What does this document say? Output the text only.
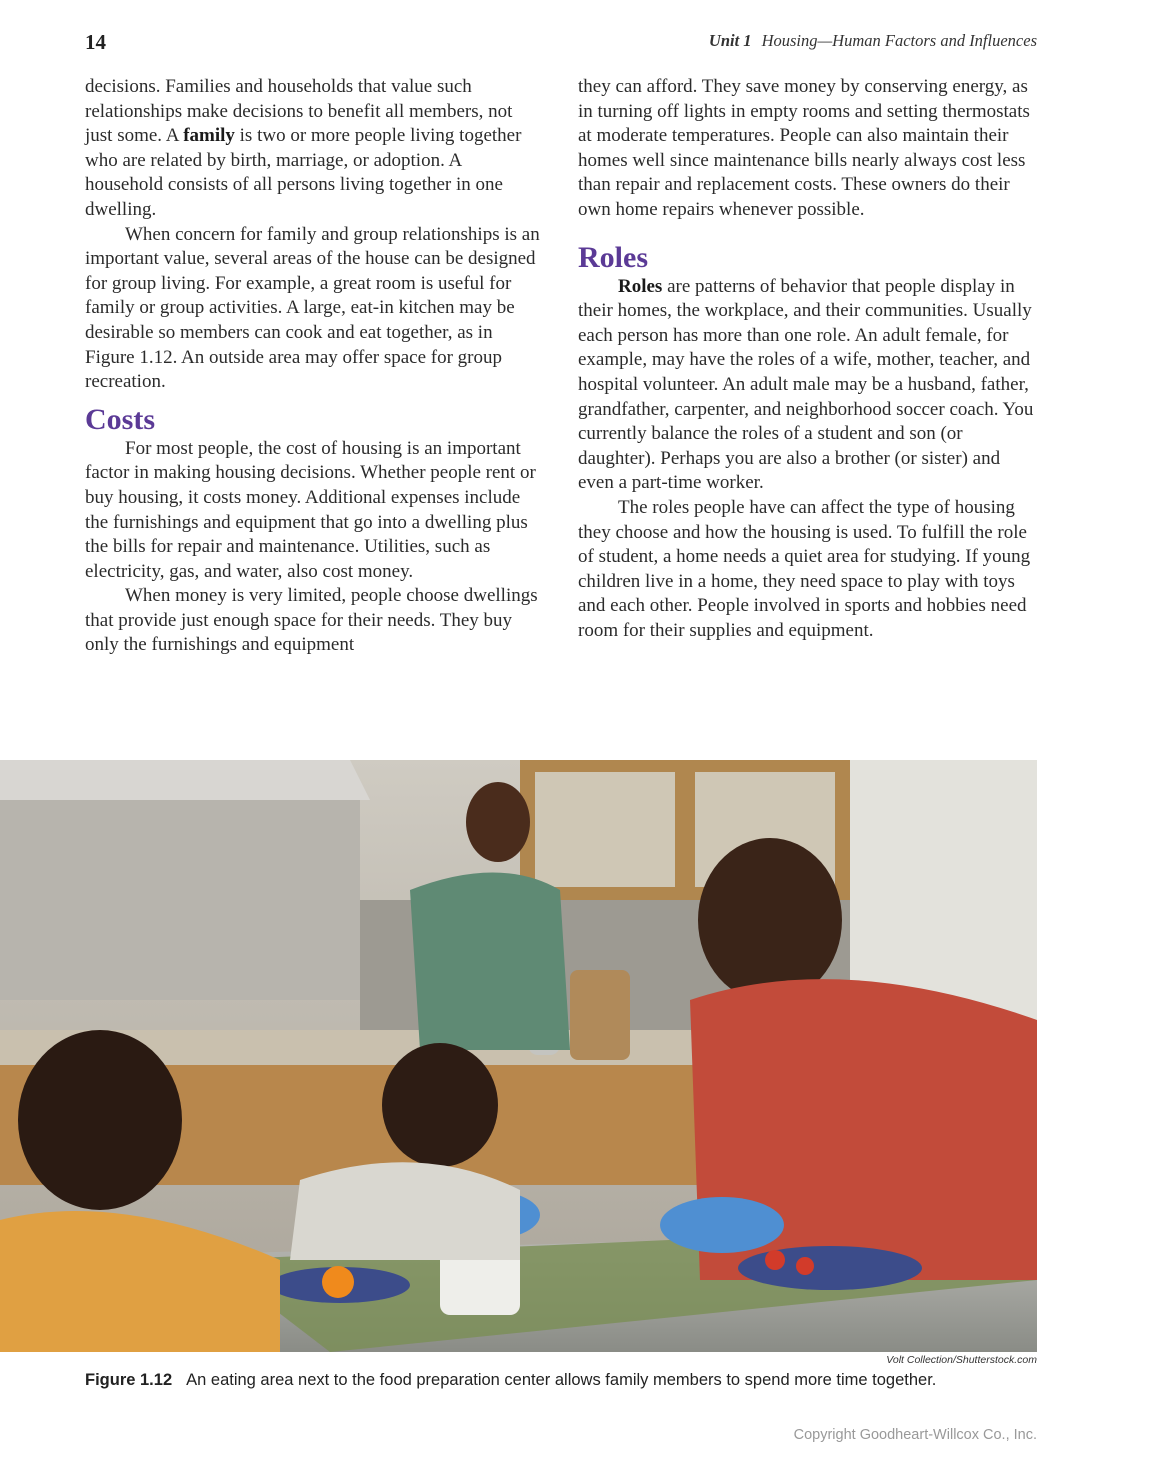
14	Unit 1 Housing—Human Factors and Influences

decisions. Families and households that value such relationships make decisions to benefit all members, not just some. A family is two or more people living together who are related by birth, marriage, or adoption. A household consists of all persons living together in one dwelling.

When concern for family and group relationships is an important value, several areas of the house can be designed for group living. For example, a great room is useful for family or group activities. A large, eat-in kitchen may be desirable so members can cook and eat together, as in Figure 1.12. An outside area may offer space for group recreation.

Costs

For most people, the cost of housing is an important factor in making housing decisions. Whether people rent or buy housing, it costs money. Additional expenses include the furnishings and equipment that go into a dwelling plus the bills for repair and maintenance. Utilities, such as electricity, gas, and water, also cost money.

When money is very limited, people choose dwellings that provide just enough space for their needs. They buy only the furnishings and equipment

they can afford. They save money by conserving energy, as in turning off lights in empty rooms and setting thermostats at moderate temperatures. People can also maintain their homes well since maintenance bills nearly always cost less than repair and replacement costs. These owners do their own home repairs whenever possible.

Roles

Roles are patterns of behavior that people display in their homes, the workplace, and their communities. Usually each person has more than one role. An adult female, for example, may have the roles of a wife, mother, teacher, and hospital volunteer. An adult male may be a husband, father, grandfather, carpenter, and neighborhood soccer coach. You currently balance the roles of a student and son (or daughter). Perhaps you are also a brother (or sister) and even a part-time worker.

The roles people have can affect the type of housing they choose and how the housing is used. To fulfill the role of student, a home needs a quiet area for studying. If young children live in a home, they need space to play with toys and each other. People involved in sports and hobbies need room for their supplies and equipment.

Volt Collection/Shutterstock.com
Figure 1.12 An eating area next to the food preparation center allows family members to spend more time together.
Copyright Goodheart-Willcox Co., Inc.
